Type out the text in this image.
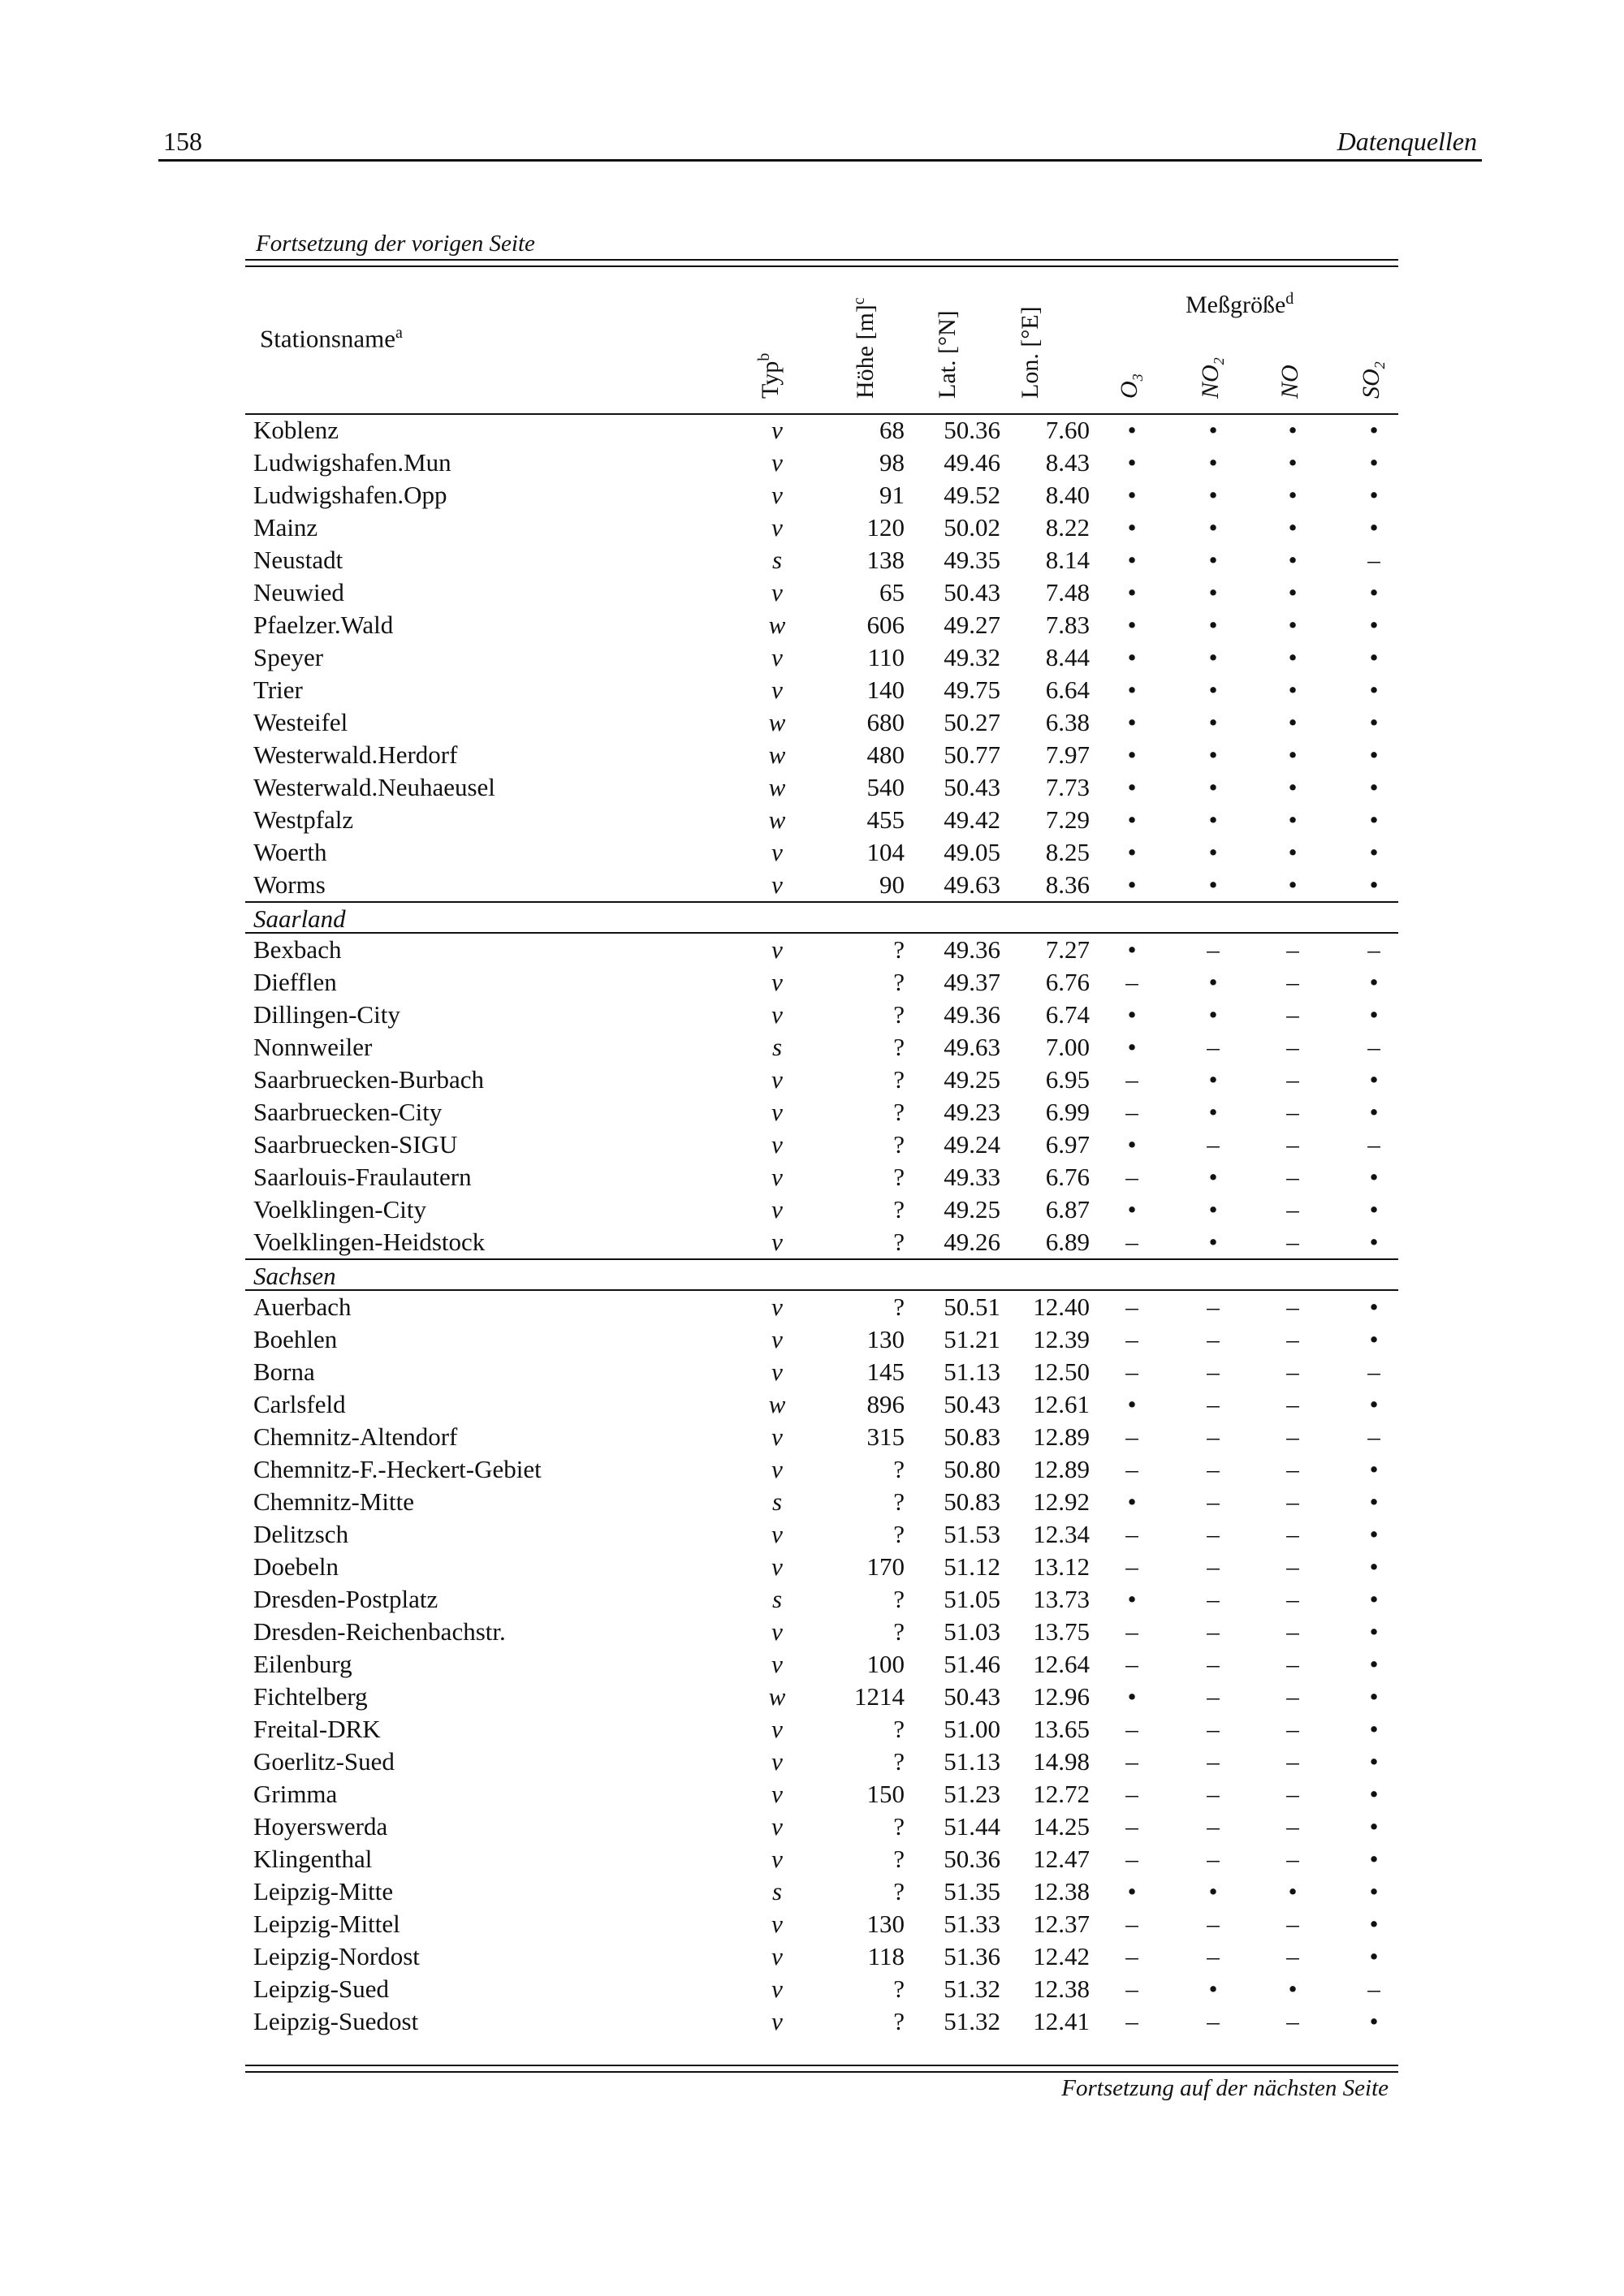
158	Datenquellen
Fortsetzung der vorigen Seite
Stationsname$^a$
Typ$^b$	Höhe $[m]^c$
Lat. [°N] Lon. [°E]
Meßgröße$^d$
$O_3$ $NO_2$
NO $SO_2$
Koblenz	v	68	50.36	7.60	•	•	•	•
Ludwigshafen.Mun	v	98	49.46	8.43	•	•	•	•
Ludwigshafen.Opp	v	91	49.52	8.40	•	•	•	•
Mainz	v	120	50.02	8.22	•	•	•	•
Neustadt	s	138	49.35	8.14	•	•	•	–
Neuwied	v	65	50.43	7.48	•	•	•	•
Pfaelzer.Wald	w	606	49.27	7.83	•	•	•	•
Speyer	v	110	49.32	8.44	•	•	•	•
Trier	v	140	49.75	6.64	•	•	•	•
Westeifel	w	680	50.27	6.38	•	•	•	•
Westerwald.Herdorf	w	480	50.77	7.97	•	•	•	•
Westerwald.Neuhaeusel	w	540	50.43	7.73	•	•	•	•
Westpfalz	w	455	49.42	7.29	•	•	•	•
Woerth	v	104	49.05	8.25	•	•	•	•
Worms	v	90	49.63	8.36	•	•	•	•
Saarland
Bexbach	v	?	49.36	7.27	•	–	–	–
Diefflen	v	?	49.37	6.76	–	•	–	•
Dillingen-City	v	?	49.36	6.74	•	•	–	•
Nonnweiler	s	?	49.63	7.00	•	–	–	–
Saarbruecken-Burbach	v	?	49.25	6.95	–	•	–	•
Saarbruecken-City	v	?	49.23	6.99	–	•	–	•
Saarbruecken-SIGU	v	?	49.24	6.97	•	–	–	–
Saarlouis-Fraulautern	v	?	49.33	6.76	–	•	–	•
Voelklingen-City	v	?	49.25	6.87	•	•	–	•
Voelklingen-Heidstock	v	?	49.26	6.89	–	•	–	•
Sachsen
Auerbach	v	?	50.51	12.40	–	–	–	•
Boehlen	v	130	51.21	12.39	–	–	–	•
Borna	v	145	51.13	12.50	–	–	–	–
Carlsfeld	w	896	50.43	12.61	•	–	–	•
Chemnitz-Altendorf	v	315	50.83	12.89	–	–	–	–
Chemnitz-F.-Heckert-Gebiet	v	?	50.80	12.89	–	–	–	•
Chemnitz-Mitte	s	?	50.83	12.92	•	–	–	•
Delitzsch	v	?	51.53	12.34	–	–	–	•
Doebeln	v	170	51.12	13.12	–	–	–	•
Dresden-Postplatz	s	?	51.05	13.73	•	–	–	•
Dresden-Reichenbachstr.	v	?	51.03	13.75	–	–	–	•
Eilenburg	v	100	51.46	12.64	–	–	–	•
Fichtelberg	w	1214	50.43	12.96	•	–	–	•
Freital-DRK	v	?	51.00	13.65	–	–	–	•
Goerlitz-Sued	v	?	51.13	14.98	–	–	–	•
Grimma	v	150	51.23	12.72	–	–	–	•
Hoyerswerda	v	?	51.44	14.25	–	–	–	•
Klingenthal	v	?	50.36	12.47	–	–	–	•
Leipzig-Mitte	s	?	51.35	12.38	•	•	•	•
Leipzig-Mittel	v	130	51.33	12.37	–	–	–	•
Leipzig-Nordost	v	118	51.36	12.42	–	–	–	•
Leipzig-Sued	v	?	51.32	12.38	–	•	•	–
Leipzig-Suedost	v	?	51.32	12.41	–	–	–	•
Fortsetzung auf der nächsten Seite
